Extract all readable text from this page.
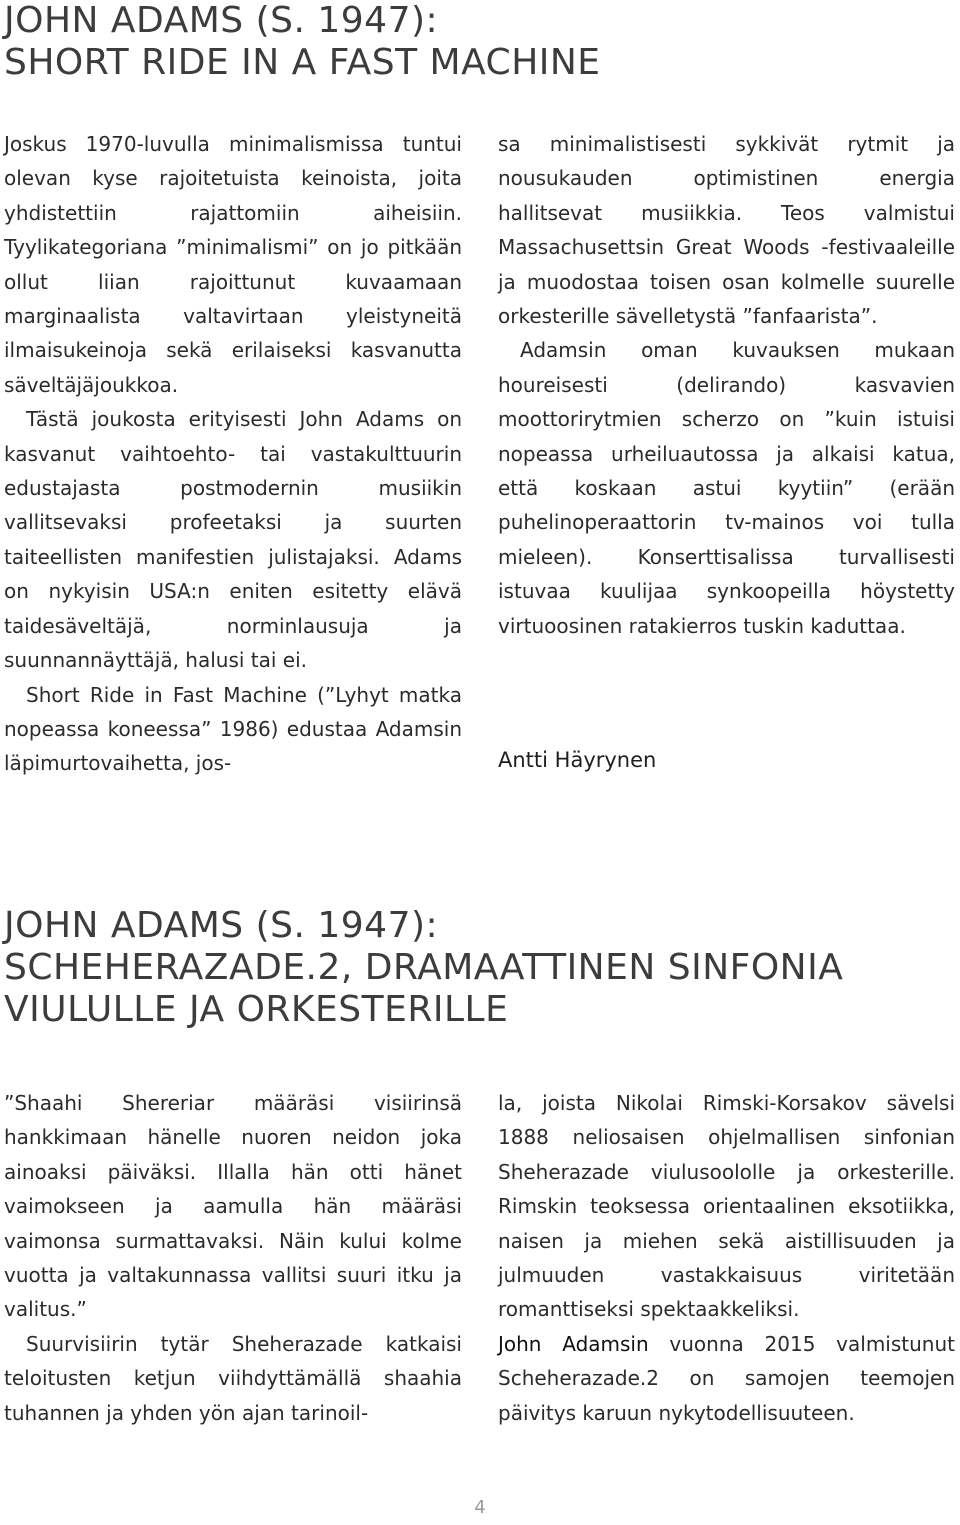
JOHN ADAMS (S. 1947):
SHORT RIDE IN A FAST MACHINE

Joskus 1970-luvulla minimalismissa tuntui olevan kyse rajoitetuista keinoista, joita yhdistettiin rajattomiin aiheisiin. Tyylikategoriana ”minimalismi” on jo pitkään ollut liian rajoittunut kuvaamaan marginaalista valtavirtaan yleistyneitä ilmaisukeinoja sekä erilaiseksi kasvanutta säveltäjäjoukkoa.

Tästä joukosta erityisesti John Adams on kasvanut vaihtoehto- tai vastakulttuurin edustajasta postmodernin musiikin vallitsevaksi profeetaksi ja suurten taiteellisten manifestien julistajaksi. Adams on nykyisin USA:n eniten esitetty elävä taidesäveltäjä, norminlausuja ja suunnannäyttäjä, halusi tai ei.

Short Ride in Fast Machine (”Lyhyt matka nopeassa koneessa” 1986) edustaa Adamsin läpimurtovaihetta, jos-

sa minimalistisesti sykkivät rytmit ja nousukauden optimistinen energia hallitsevat musiikkia. Teos valmistui Massachusettsin Great Woods -festivaaleille ja muodostaa toisen osan kolmelle suurelle orkesterille sävelletystä ”fanfaarista”.

Adamsin oman kuvauksen mukaan houreisesti (delirando) kasvavien moottorirytmien scherzo on ”kuin istuisi nopeassa urheiluautossa ja alkaisi katua, että koskaan astui kyytiin” (erään puhelinoperaattorin tv-mainos voi tulla mieleen). Konserttisalissa turvallisesti istuvaa kuulijaa synkoopeilla höystetty virtuoosinen ratakierros tuskin kaduttaa.

Antti Häyrynen

JOHN ADAMS (S. 1947):
SCHEHERAZADE.2, DRAMAATTINEN SINFONIA
VIULULLE JA ORKESTERILLE

”Shaahi Shereriar määräsi visiirinsä hankkimaan hänelle nuoren neidon joka ainoaksi päiväksi. Illalla hän otti hänet vaimokseen ja aamulla hän määräsi vaimonsa surmattavaksi. Näin kului kolme vuotta ja valtakunnassa vallitsi suuri itku ja valitus.”

Suurvisiirin tytär Sheherazade katkaisi teloitusten ketjun viihdyttämällä shaahia tuhannen ja yhden yön ajan tarinoil-

la, joista Nikolai Rimski-Korsakov sävelsi 1888 neliosaisen ohjelmallisen sinfonian Sheherazade viulusoololle ja orkesterille. Rimskin teoksessa orientaalinen eksotiikka, naisen ja miehen sekä aistillisuuden ja julmuuden vastakkaisuus viritetään romanttiseksi spektaakkeliksi.

John Adamsin vuonna 2015 valmistunut Scheherazade.2 on samojen teemojen päivitys karuun nykytodellisuuteen.

4
